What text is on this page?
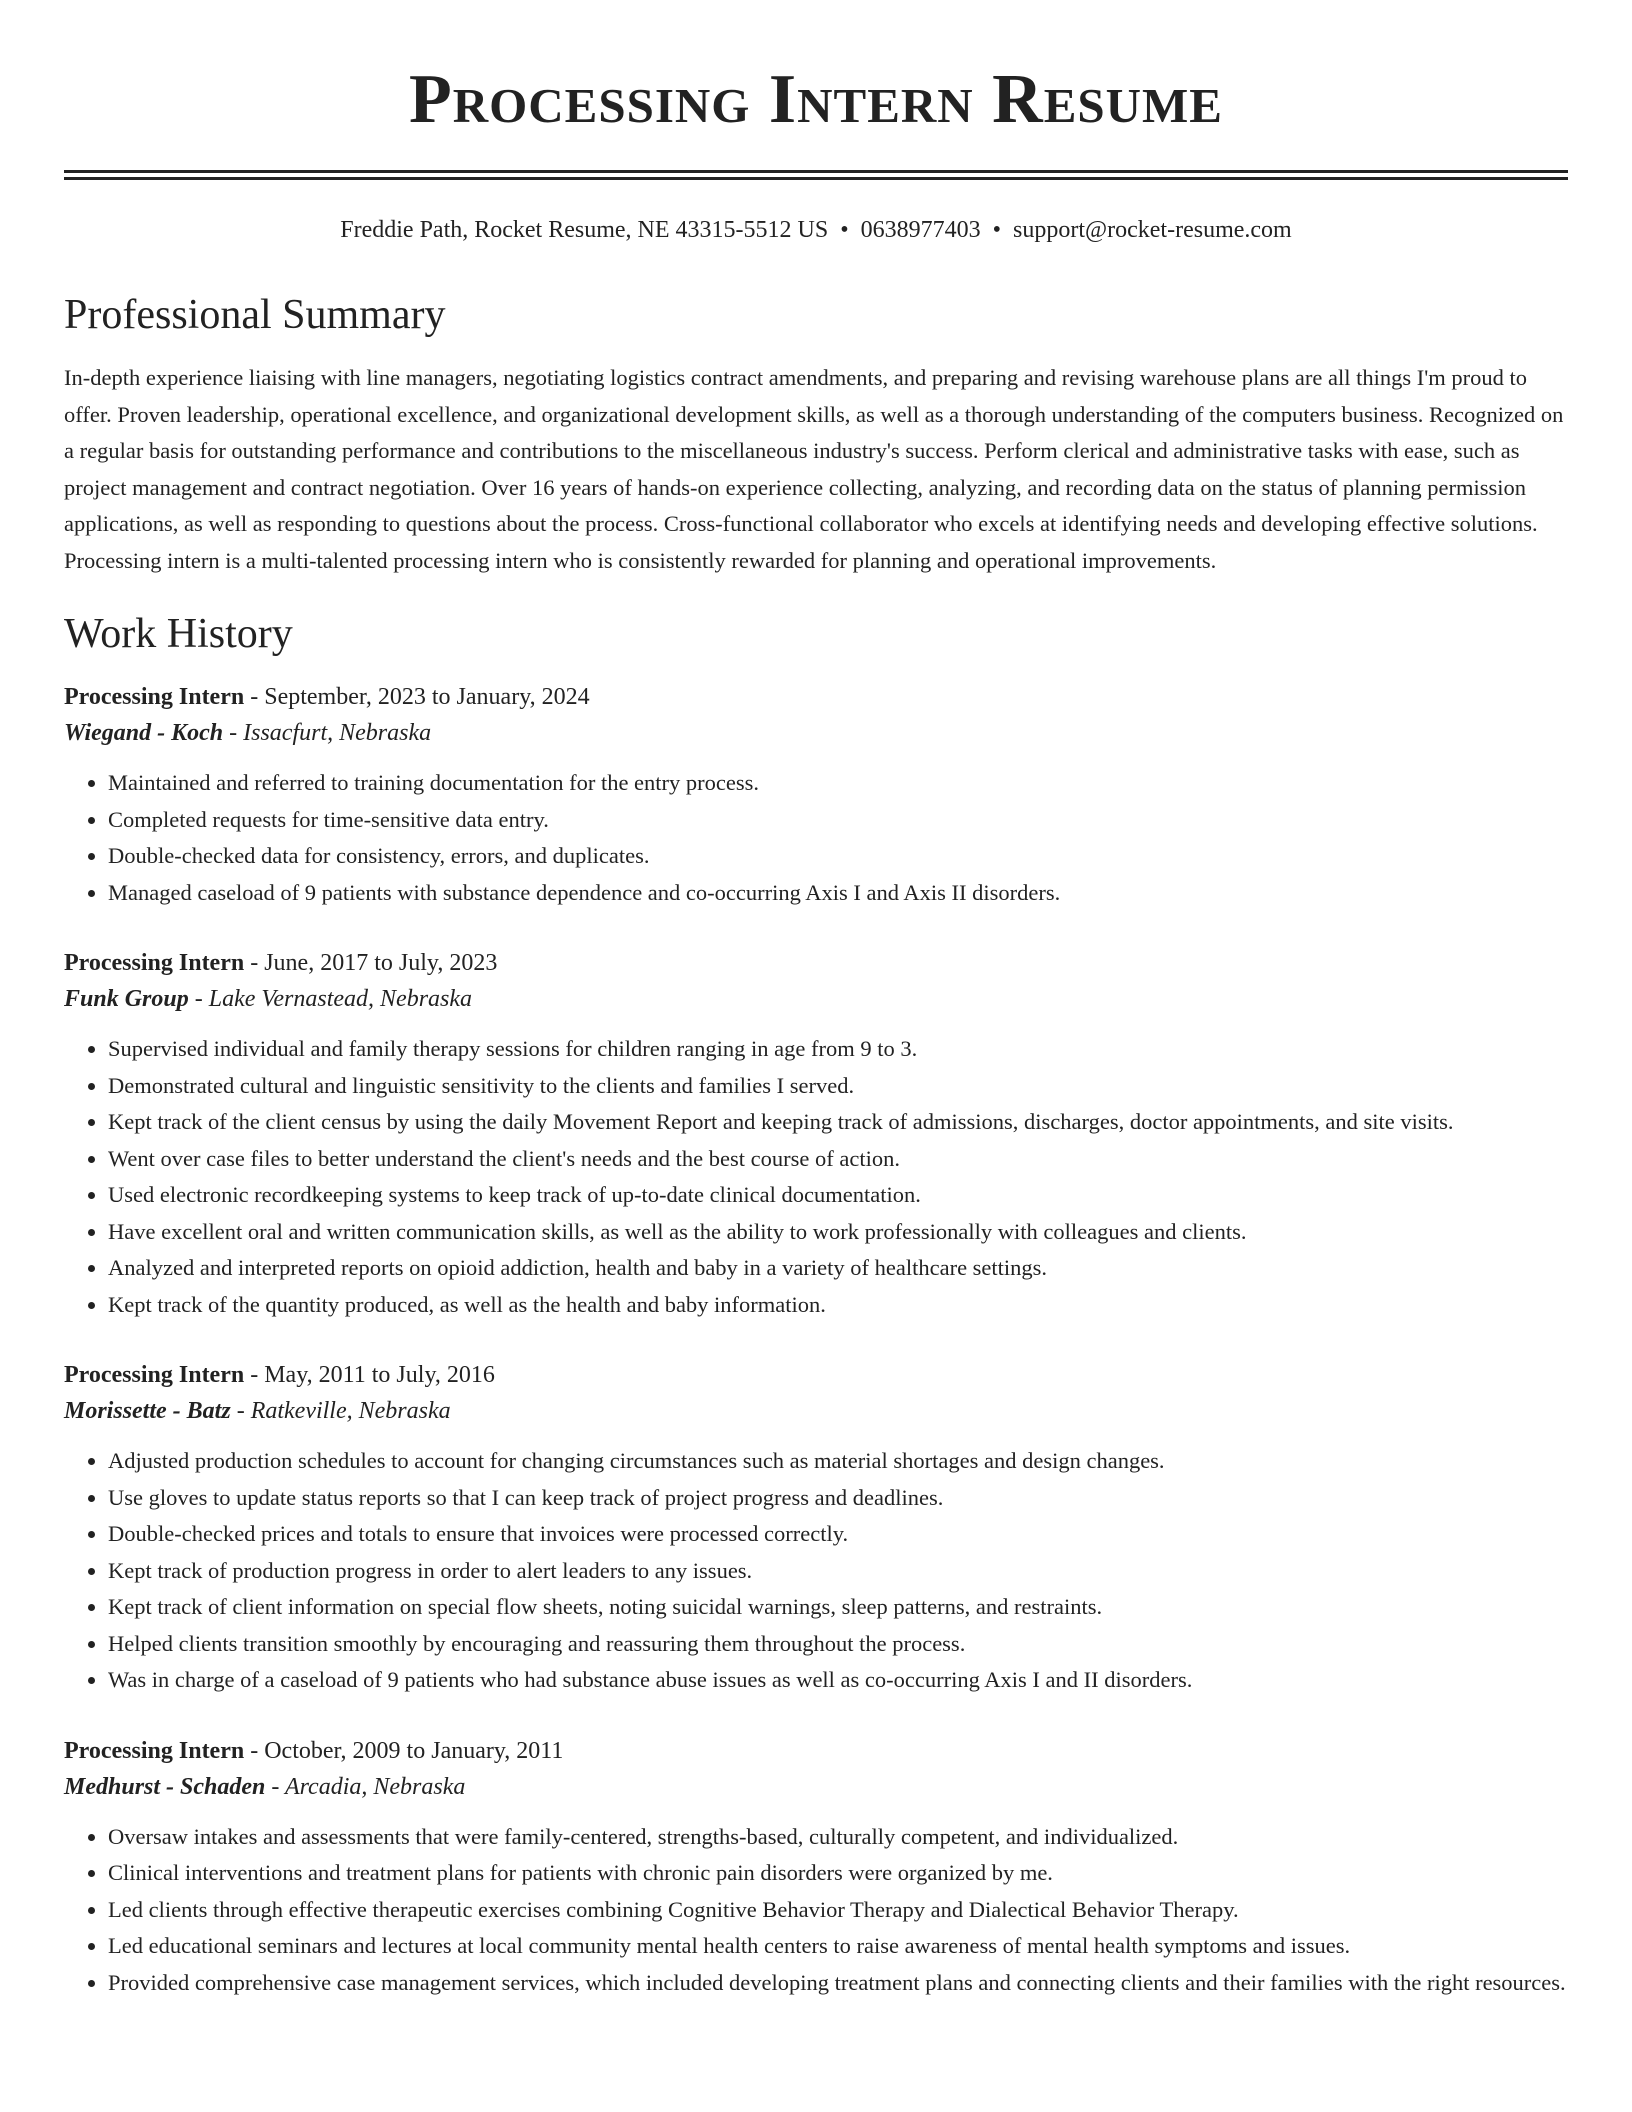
Processing Intern Resume
Freddie Path, Rocket Resume, NE 43315-5512 US • 0638977403 • support@rocket-resume.com
Professional Summary

In-depth experience liaising with line managers, negotiating logistics contract amendments, and preparing and revising warehouse plans are all things I'm proud to offer. Proven leadership, operational excellence, and organizational development skills, as well as a thorough understanding of the computers business. Recognized on a regular basis for outstanding performance and contributions to the miscellaneous industry's success. Perform clerical and administrative tasks with ease, such as project management and contract negotiation. Over 16 years of hands-on experience collecting, analyzing, and recording data on the status of planning permission applications, as well as responding to questions about the process. Cross-functional collaborator who excels at identifying needs and developing effective solutions. Processing intern is a multi-talented processing intern who is consistently rewarded for planning and operational improvements.

Work History
Processing Intern - September, 2023 to January, 2024
Wiegand - Koch - Issacfurt, Nebraska
• Maintained and referred to training documentation for the entry process.
• Completed requests for time-sensitive data entry.
• Double-checked data for consistency, errors, and duplicates.
• Managed caseload of 9 patients with substance dependence and co-occurring Axis I and Axis II disorders.
Processing Intern - June, 2017 to July, 2023
Funk Group - Lake Vernastead, Nebraska
• Supervised individual and family therapy sessions for children ranging in age from 9 to 3.
• Demonstrated cultural and linguistic sensitivity to the clients and families I served.
• Kept track of the client census by using the daily Movement Report and keeping track of admissions, discharges, doctor appointments, and site visits.
• Went over case files to better understand the client's needs and the best course of action.
• Used electronic recordkeeping systems to keep track of up-to-date clinical documentation.
• Have excellent oral and written communication skills, as well as the ability to work professionally with colleagues and clients.
• Analyzed and interpreted reports on opioid addiction, health and baby in a variety of healthcare settings.
• Kept track of the quantity produced, as well as the health and baby information.
Processing Intern - May, 2011 to July, 2016
Morissette - Batz - Ratkeville, Nebraska
• Adjusted production schedules to account for changing circumstances such as material shortages and design changes.
• Use gloves to update status reports so that I can keep track of project progress and deadlines.
• Double-checked prices and totals to ensure that invoices were processed correctly.
• Kept track of production progress in order to alert leaders to any issues.
• Kept track of client information on special flow sheets, noting suicidal warnings, sleep patterns, and restraints.
• Helped clients transition smoothly by encouraging and reassuring them throughout the process.
• Was in charge of a caseload of 9 patients who had substance abuse issues as well as co-occurring Axis I and II disorders.
Processing Intern - October, 2009 to January, 2011
Medhurst - Schaden - Arcadia, Nebraska
• Oversaw intakes and assessments that were family-centered, strengths-based, culturally competent, and individualized.
• Clinical interventions and treatment plans for patients with chronic pain disorders were organized by me.
• Led clients through effective therapeutic exercises combining Cognitive Behavior Therapy and Dialectical Behavior Therapy.
• Led educational seminars and lectures at local community mental health centers to raise awareness of mental health symptoms and issues.
• Provided comprehensive case management services, which included developing treatment plans and connecting clients and their families with the right resources.
